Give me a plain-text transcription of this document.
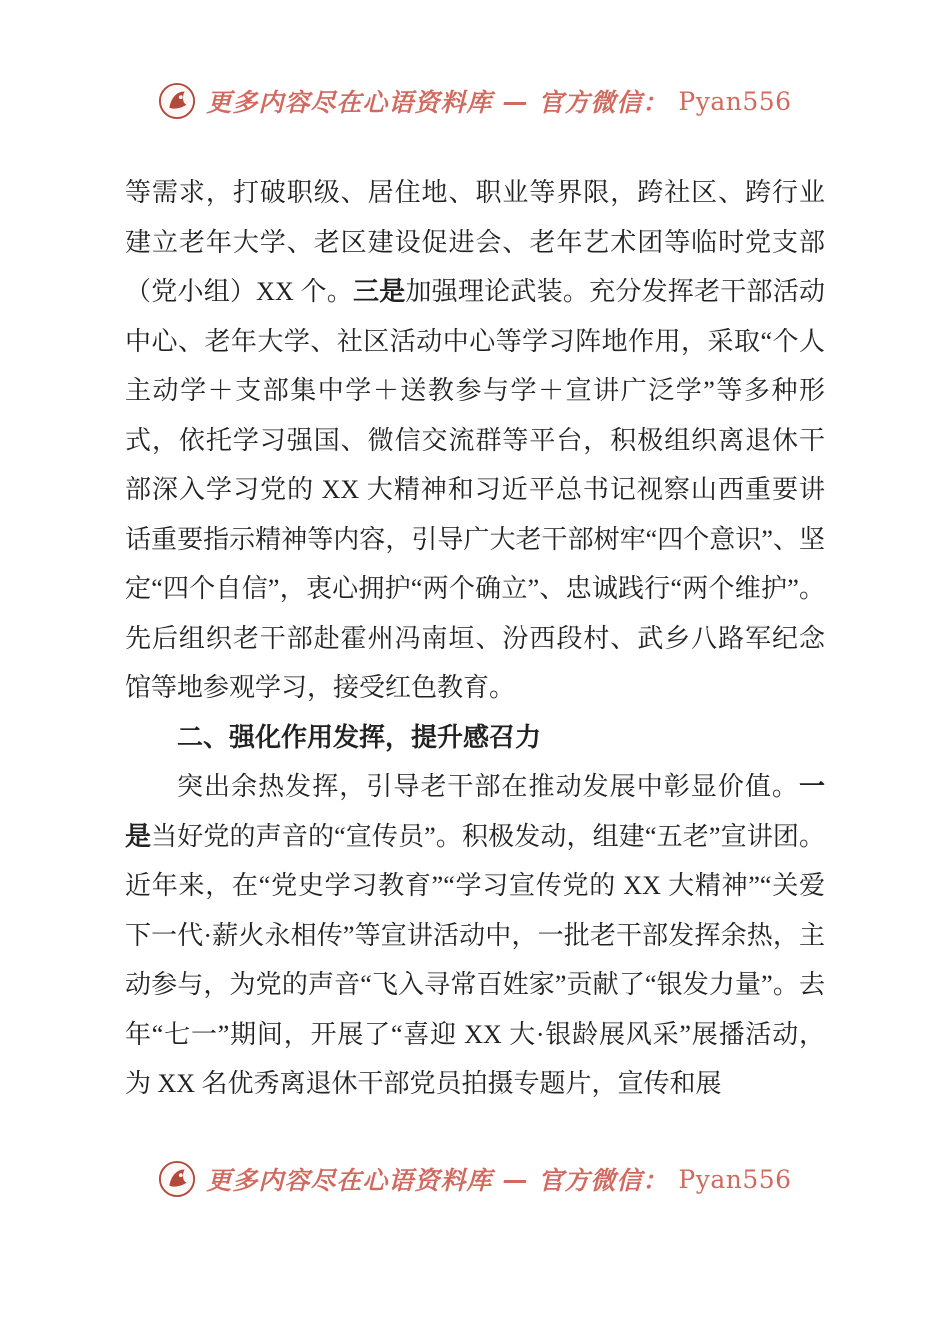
更多内容尽在心语资料库 — 官方微信： Pyan556

等需求，打破职级、居住地、职业等界限，跨社区、跨行业建立老年大学、老区建设促进会、老年艺术团等临时党支部（党小组）XX 个。三是加强理论武装。充分发挥老干部活动中心、老年大学、社区活动中心等学习阵地作用，采取“个人主动学＋支部集中学＋送教参与学＋宣讲广泛学”等多种形式，依托学习强国、微信交流群等平台，积极组织离退休干部深入学习党的 XX 大精神和习近平总书记视察山西重要讲话重要指示精神等内容，引导广大老干部树牢“四个意识”、坚定“四个自信”，衷心拥护“两个确立”、忠诚践行“两个维护”。先后组织老干部赴霍州冯南垣、汾西段村、武乡八路军纪念馆等地参观学习，接受红色教育。

二、强化作用发挥，提升感召力

突出余热发挥，引导老干部在推动发展中彰显价值。一是当好党的声音的“宣传员”。积极发动，组建“五老”宣讲团。近年来，在“党史学习教育”“学习宣传党的 XX 大精神”“关爱下一代·薪火永相传”等宣讲活动中，一批老干部发挥余热，主动参与，为党的声音“飞入寻常百姓家”贡献了“银发力量”。去年“七一”期间，开展了“喜迎 XX 大·银龄展风采”展播活动，为 XX 名优秀离退休干部党员拍摄专题片，宣传和展

更多内容尽在心语资料库 — 官方微信： Pyan556
